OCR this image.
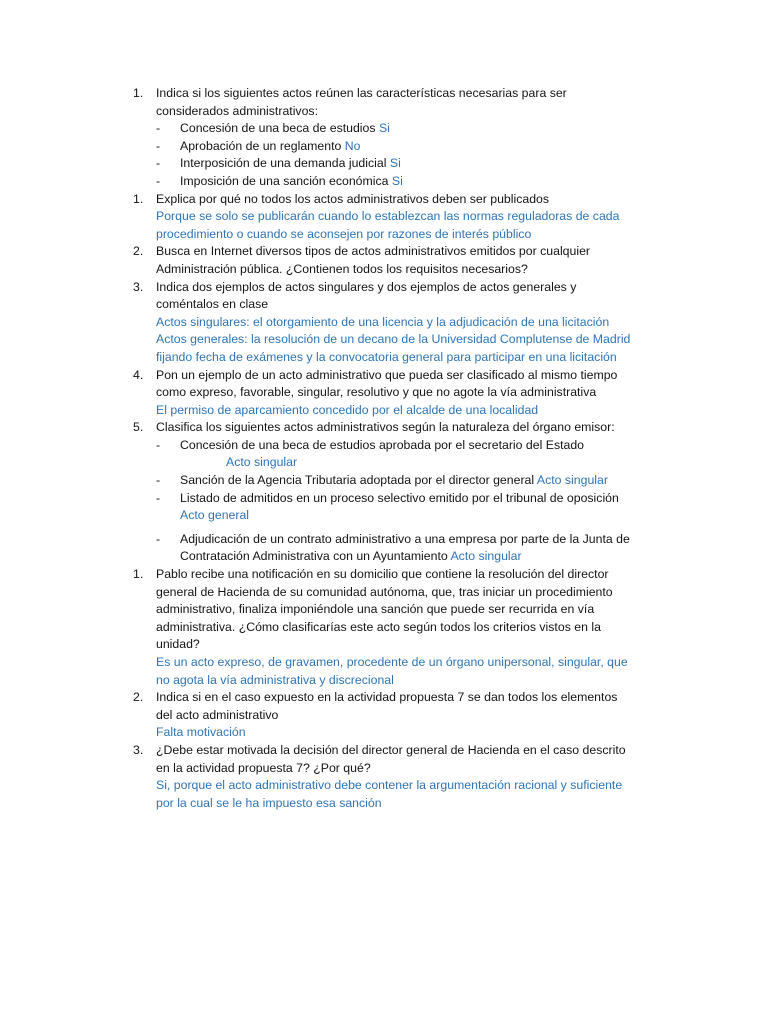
1. Indica si los siguientes actos reúnen las características necesarias para ser
considerados administrativos:
- Concesión de una beca de estudios Si
- Aprobación de un reglamento No
- Interposición de una demanda judicial Si
- Imposición de una sanción económica Si
1. Explica por qué no todos los actos administrativos deben ser publicados
Porque se solo se publicarán cuando lo establezcan las normas reguladoras de cada
procedimiento o cuando se aconsejen por razones de interés público
2. Busca en Internet diversos tipos de actos administrativos emitidos por cualquier
Administración pública. ¿Contienen todos los requisitos necesarios?
3. Indica dos ejemplos de actos singulares y dos ejemplos de actos generales y
coméntalos en clase
Actos singulares: el otorgamiento de una licencia y la adjudicación de una licitación
Actos generales: la resolución de un decano de la Universidad Complutense de Madrid
fijando fecha de exámenes y la convocatoria general para participar en una licitación
4. Pon un ejemplo de un acto administrativo que pueda ser clasificado al mismo tiempo
como expreso, favorable, singular, resolutivo y que no agote la vía administrativa
El permiso de aparcamiento concedido por el alcalde de una localidad
5. Clasifica los siguientes actos administrativos según la naturaleza del órgano emisor:
- Concesión de una beca de estudios aprobada por el secretario del Estado
Acto singular
- Sanción de la Agencia Tributaria adoptada por el director general Acto singular
- Listado de admitidos en un proceso selectivo emitido por el tribunal de oposición
Acto general
- Adjudicación de un contrato administrativo a una empresa por parte de la Junta de
Contratación Administrativa con un Ayuntamiento Acto singular
1. Pablo recibe una notificación en su domicilio que contiene la resolución del director
general de Hacienda de su comunidad autónoma, que, tras iniciar un procedimiento
administrativo, finaliza imponiéndole una sanción que puede ser recurrida en vía
administrativa. ¿Cómo clasificarías este acto según todos los criterios vistos en la
unidad?
Es un acto expreso, de gravamen, procedente de un órgano unipersonal, singular, que
no agota la vía administrativa y discrecional
2. Indica si en el caso expuesto en la actividad propuesta 7 se dan todos los elementos
del acto administrativo
Falta motivación
3. ¿Debe estar motivada la decisión del director general de Hacienda en el caso descrito
en la actividad propuesta 7? ¿Por qué?
Si, porque el acto administrativo debe contener la argumentación racional y suficiente
por la cual se le ha impuesto esa sanción
